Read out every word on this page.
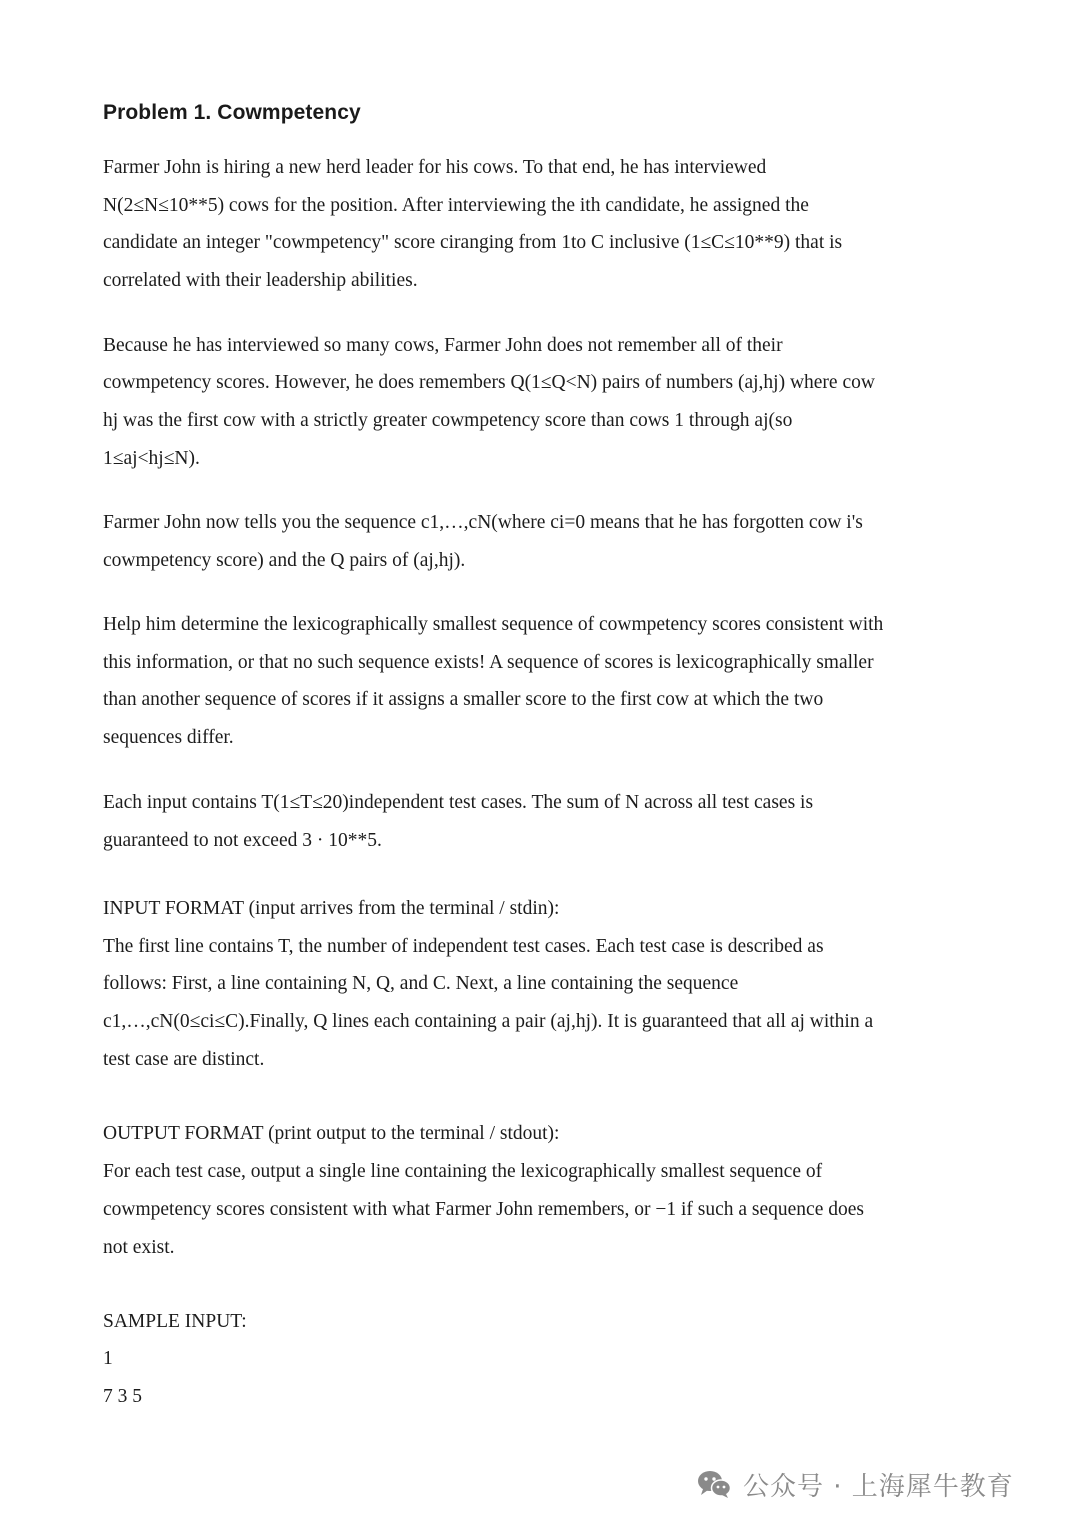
Problem 1. Cowmpetency

Farmer John is hiring a new herd leader for his cows. To that end, he has interviewed

N(2≤N≤10**5) cows for the position. After interviewing the ith candidate, he assigned the

candidate an integer "cowmpetency" score ciranging from 1to C inclusive (1≤C≤10**9) that is

correlated with their leadership abilities.

Because he has interviewed so many cows, Farmer John does not remember all of their

cowmpetency scores. However, he does remembers Q(1≤Q<N) pairs of numbers (aj,hj) where cow

hj was the first cow with a strictly greater cowmpetency score than cows 1 through aj(so

1≤aj<hj≤N).

Farmer John now tells you the sequence c1,…,cN(where ci=0 means that he has forgotten cow i's

cowmpetency score) and the Q pairs of (aj,hj).

Help him determine the lexicographically smallest sequence of cowmpetency scores consistent with

this information, or that no such sequence exists! A sequence of scores is lexicographically smaller

than another sequence of scores if it assigns a smaller score to the first cow at which the two

sequences differ.

Each input contains T(1≤T≤20)independent test cases. The sum of N across all test cases is

guaranteed to not exceed 3 · 10**5.

INPUT FORMAT (input arrives from the terminal / stdin):

The first line contains T, the number of independent test cases. Each test case is described as

follows: First, a line containing N, Q, and C. Next, a line containing the sequence

c1,…,cN(0≤ci≤C).Finally, Q lines each containing a pair (aj,hj). It is guaranteed that all aj within a

test case are distinct.

OUTPUT FORMAT (print output to the terminal / stdout):

For each test case, output a single line containing the lexicographically smallest sequence of

cowmpetency scores consistent with what Farmer John remembers, or −1 if such a sequence does

not exist.

SAMPLE INPUT:

1

7 3 5

公众号 · 上海犀牛教育
